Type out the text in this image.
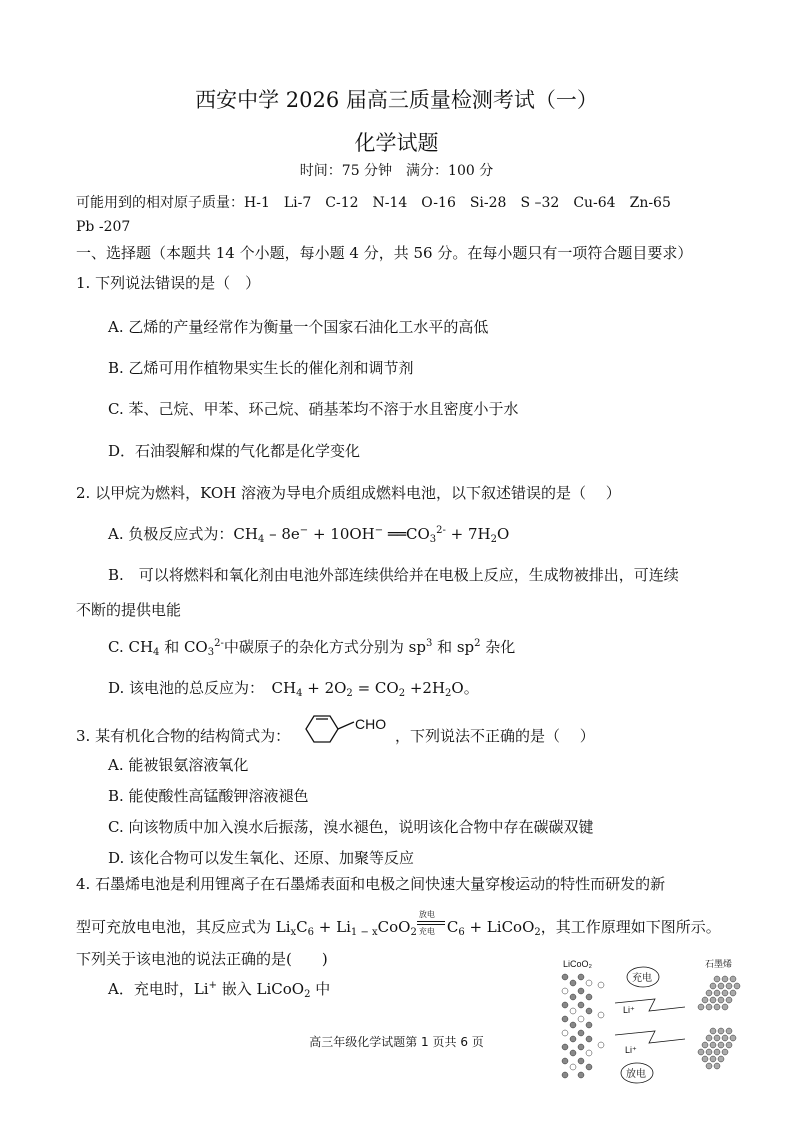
西安中学 2026 届高三质量检测考试（一）
化学试题
时间：75 分钟　满分：100 分
可能用到的相对原子质量：H-1　Li-7　C-12　N-14　O-16　Si-28　S –32　Cu-64　Zn-65
Pb -207
一、选择题（本题共 14 个小题，每小题 4 分，共 56 分。在每小题只有一项符合题目要求）
1. 下列说法错误的是（　）
A. 乙烯的产量经常作为衡量一个国家石油化工水平的高低
B. 乙烯可用作植物果实生长的催化剂和调节剂
C. 苯、己烷、甲苯、环己烷、硝基苯均不溶于水且密度小于水
D．石油裂解和煤的气化都是化学变化
2. 以甲烷为燃料，KOH 溶液为导电介质组成燃料电池，以下叙述错误的是（　 ）
A. 负极反应式为：$CH_4 - 8e^- + 10OH^-$ $══CO_3^{2-} + 7H_2O$
B.　可以将燃料和氧化剂由电池外部连续供给并在电极上反应，生成物被排出，可连续
不断的提供电能
C. $CH_4$ 和 $CO_3^{2-}$中碳原子的杂化方式分别为 $sp^3$ 和 $sp^2$ 杂化
D. 该电池的总反应为：　$CH_4 + 2O_2 = CO_2 +2H_2O$。
3. 某有机化合物的结构简式为：
CHO
，下列说法不正确的是（　 ）
A. 能被银氨溶液氧化
B. 能使酸性高锰酸钾溶液褪色
C. 向该物质中加入溴水后振荡，溴水褪色，说明该化合物中存在碳碳双键
D. 该化合物可以发生氧化、还原、加聚等反应
4. 石墨烯电池是利用锂离子在石墨烯表面和电极之间快速大量穿梭运动的特性而研发的新
型可充放电电池，其反应式为 $Li_xC_6 + Li_{1 - x}CoO_2$
放电
充电 $C_6$ + LiCoO$_2$，其工作原理如下图所示。
下列关于该电池的说法正确的是(　　)
A．充电时，Li+ 嵌入 LiCoO$_2$ 中
LiCoO₂
充电
Li⁺
Li⁺
放电
石墨烯
高三年级化学试题第 1 页共 6 页
